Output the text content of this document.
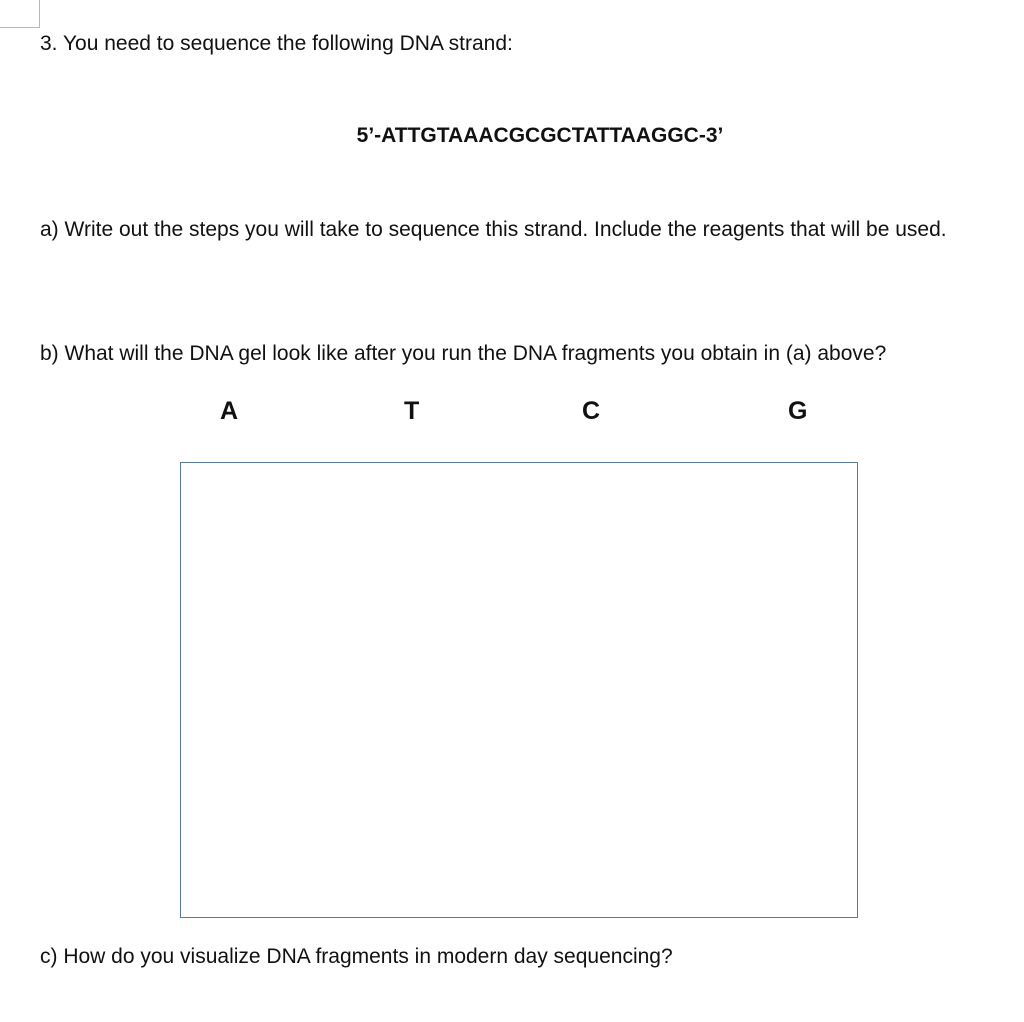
3. You need to sequence the following DNA strand:
5’-ATTGTAAACGCGCTATTAAGGC-3’
a) Write out the steps you will take to sequence this strand. Include the reagents that will be used.
b) What will the DNA gel look like after you run the DNA fragments you obtain in (a) above?
A	T	C	G
c) How do you visualize DNA fragments in modern day sequencing?
